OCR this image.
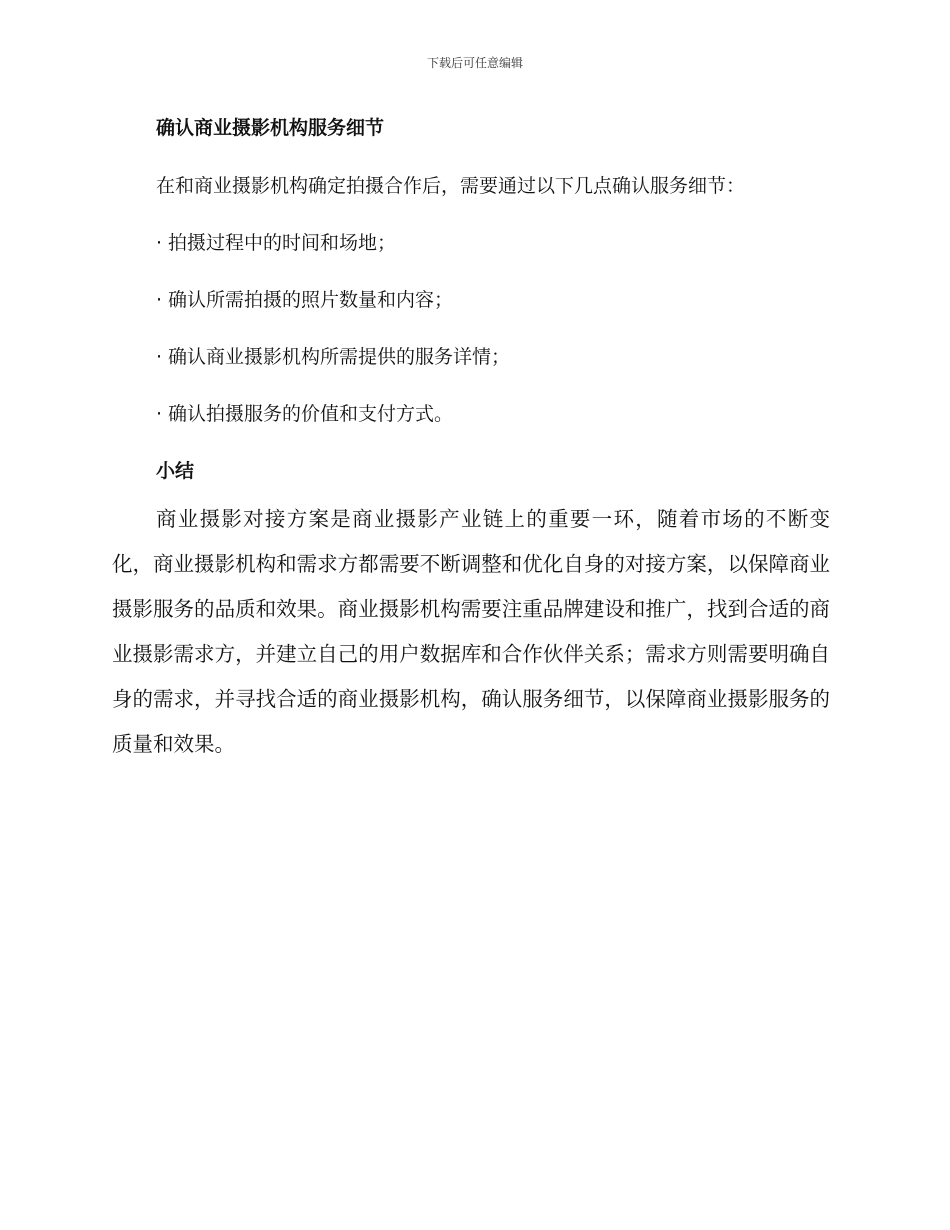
下载后可任意编辑
确认商业摄影机构服务细节

在和商业摄影机构确定拍摄合作后，需要通过以下几点确认服务细节：

· 拍摄过程中的时间和场地；
· 确认所需拍摄的照片数量和内容；
· 确认商业摄影机构所需提供的服务详情；
· 确认拍摄服务的价值和支付方式。
小结

商业摄影对接方案是商业摄影产业链上的重要一环，随着市场的不断变化，商业摄影机构和需求方都需要不断调整和优化自身的对接方案，以保障商业摄影服务的品质和效果。商业摄影机构需要注重品牌建设和推广，找到合适的商业摄影需求方，并建立自己的用户数据库和合作伙伴关系；需求方则需要明确自身的需求，并寻找合适的商业摄影机构，确认服务细节，以保障商业摄影服务的质量和效果。
